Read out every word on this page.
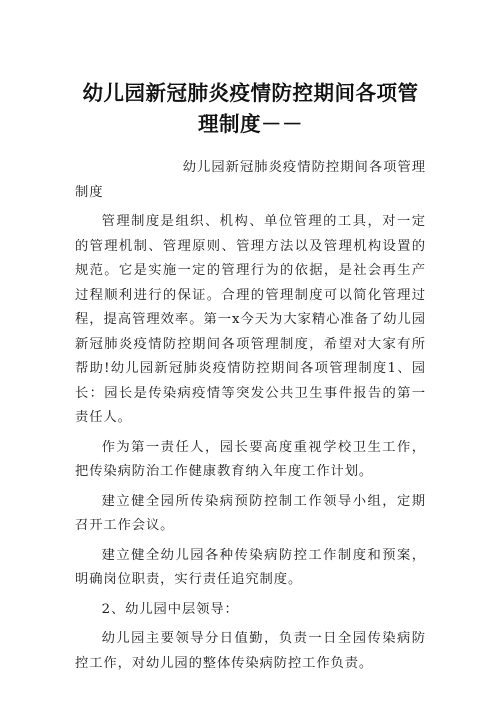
幼儿园新冠肺炎疫情防控期间各项管理制度－－

幼儿园新冠肺炎疫情防控期间各项管理制度

管理制度是组织、机构、单位管理的工具，对一定的管理机制、管理原则、管理方法以及管理机构设置的规范。它是实施一定的管理行为的依据，是社会再生产过程顺利进行的保证。合理的管理制度可以简化管理过程，提高管理效率。第一x今天为大家精心准备了幼儿园新冠肺炎疫情防控期间各项管理制度，希望对大家有所帮助!幼儿园新冠肺炎疫情防控期间各项管理制度1、园长：园长是传染病疫情等突发公共卫生事件报告的第一责任人。

作为第一责任人，园长要高度重视学校卫生工作，把传染病防治工作健康教育纳入年度工作计划。

建立健全园所传染病预防控制工作领导小组，定期召开工作会议。

建立健全幼儿园各种传染病防控工作制度和预案，明确岗位职责，实行责任追究制度。

2、幼儿园中层领导：

幼儿园主要领导分日值勤，负责一日全园传染病防控工作，对幼儿园的整体传染病防控工作负责。
